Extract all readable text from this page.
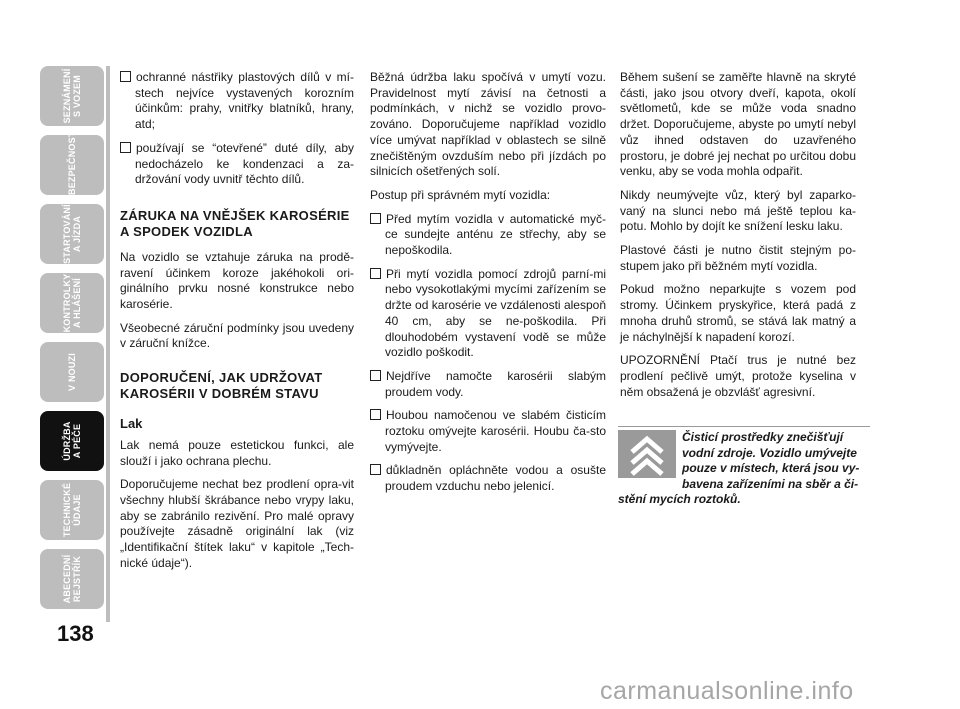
SEZNÁMENÍ
S VOZEM
BEZPEČNOST
STARTOVÁNÍ
A JÍZDA
KONTROLKY
A HLÁŠENÍ
V NOUZI
ÚDRŽBA
A PÉČE
TECHNICKÉ
ÚDAJE
ABECEDNÍ
REJSTŘÍK
138

ochranné nástřiky plastových dílů v mí-stech nejvíce vystavených korozním účinkům: prahy, vnitřky blatníků, hrany, atd;

používají se “otevřené” duté díly, aby nedocházelo ke kondenzaci a za-držování vody uvnitř těchto dílů.

ZÁRUKA NA VNĚJŠEK KAROSÉRIE A SPODEK VOZIDLA

Na vozidlo se vztahuje záruka na prodě-ravení účinkem koroze jakéhokoli ori-ginálního prvku nosné konstrukce nebo karosérie.

Všeobecné záruční podmínky jsou uvedeny v záruční knížce.

DOPORUČENÍ, JAK UDRŽOVAT KAROSÉRII V DOBRÉM STAVU

Lak

Lak nemá pouze estetickou funkci, ale slouží i jako ochrana plechu.

Doporučujeme nechat bez prodlení opra-vit všechny hlubší škrábance nebo vrypy laku, aby se zabránilo rezivění. Pro malé opravy používejte zásadně originální lak (viz „Identifikační štítek laku“ v kapitole „Tech-nické údaje“).

Běžná údržba laku spočívá v umytí vozu. Pravidelnost mytí závisí na četnosti a podmínkách, v nichž se vozidlo provo-zováno. Doporučujeme například vozidlo více umývat například v oblastech se silně znečištěným ovzduším nebo při jízdách po silnicích ošetřených solí.

Postup při správném mytí vozidla:

Před mytím vozidla v automatické myč-ce sundejte anténu ze střechy, aby se nepoškodila.

Při mytí vozidla pomocí zdrojů parní-mi nebo vysokotlakými mycími zařízením se držte od karosérie ve vzdálenosti alespoň 40 cm, aby se ne-poškodila. Při dlouhodobém vystavení vodě se může vozidlo poškodit.

Nejdříve namočte karosérii slabým proudem vody.

Houbou namočenou ve slabém čisticím roztoku omývejte karosérii. Houbu ča-sto vymývejte.

důkladněn opláchněte vodou a osušte proudem vzduchu nebo jelenicí.

Během sušení se zaměřte hlavně na skryté části, jako jsou otvory dveří, kapota, okolí světlometů, kde se může voda snadno držet. Doporučujeme, abyste po umytí nebyl vůz ihned odstaven do uzavřeného prostoru, je dobré jej nechat po určitou dobu venku, aby se voda mohla odpařit.

Nikdy neumývejte vůz, který byl zaparko-vaný na slunci nebo má ještě teplou ka-potu. Mohlo by dojít ke snížení lesku laku.

Plastové části je nutno čistit stejným po-stupem jako při běžném mytí vozidla.

Pokud možno neparkujte s vozem pod stromy. Účinkem pryskyřice, která padá z mnoha druhů stromů, se stává lak matný a je náchylnější k napadení korozí.

UPOZORNĚNÍ Ptačí trus je nutné bez prodlení pečlivě umýt, protože kyselina v něm obsažená je obzvlášť agresivní.

Čisticí prostředky znečišťují vodní zdroje. Vozidlo umývejte pouze v místech, která jsou vy-bavena zařízeními na sběr a či-stění mycích roztoků.
carmanualsonline.info
